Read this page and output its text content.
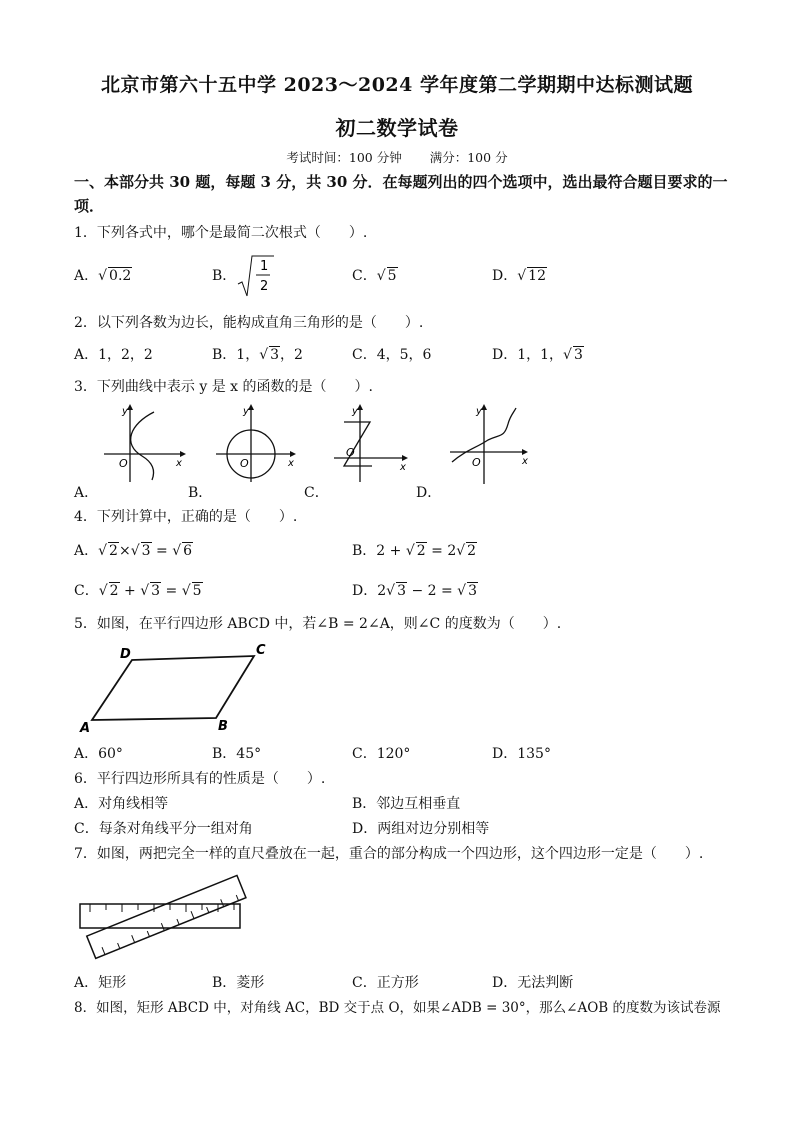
北京市第六十五中学 2023～2024 学年度第二学期期中达标测试题
初二数学试卷
考试时间：100 分钟 满分：100 分
一、本部分共 30 题，每题 3 分，共 30 分．在每题列出的四个选项中，选出最符合题目要求的一项．
1．下列各式中，哪个是最简二次根式（　　）.
A．√ 0.2	B．
1
2
C．√ 5	D．√ 12
2．以下列各数为边长，能构成直角三角形的是（　　）.
A．1，2，2	B．1，√ 3，2	C．4，5，6	D．1，1，√ 3
3．下列曲线中表示 y 是 x 的函数的是（　　）.
y
x
O
y
x
O
y
x
O
y
x
O
A．	B．	C．	D．
4．下列计算中，正确的是（　　）.
A．√ 2×√ 3 = √ 6	B．2 + √ 2 = 2√ 2
C．√ 2 + √ 3 = √ 5	D．2√ 3 − 2 = √ 3
5．如图，在平行四边形 ABCD 中，若∠B = 2∠A，则∠C 的度数为（　　）.
A	B
C
D
A．60°	B．45°	C．120°	D．135°
6．平行四边形所具有的性质是（　　）.
A．对角线相等	B．邻边互相垂直
C．每条对角线平分一组对角	D．两组对边分别相等
7．如图，两把完全一样的直尺叠放在一起，重合的部分构成一个四边形，这个四边形一定是（　　）.
A．矩形	B．菱形	C．正方形	D．无法判断
8．如图，矩形 ABCD 中，对角线 AC，BD 交于点 O，如果∠ADB = 30°，那么∠AOB 的度数为该试卷源
